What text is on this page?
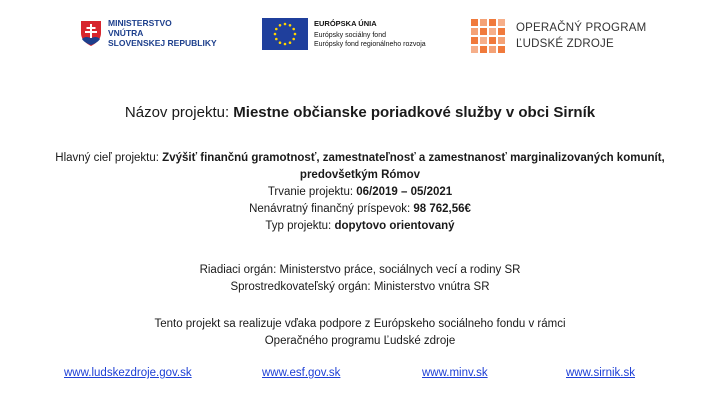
MINISTERSTVO
VNÚTRA
SLOVENSKEJ REPUBLIKY
EURÓPSKA ÚNIA
Európsky sociálny fond
Európsky fond regionálneho rozvoja
OPERAČNÝ PROGRAM
ĽUDSKÉ ZDROJE
Názov projektu: Miestne občianske poriadkové služby v obci Sirník
Hlavný cieľ projektu: Zvýšiť finančnú gramotnosť, zamestnateľnosť a zamestnanosť marginalizovaných komunít,
predovšetkým Rómov
Trvanie projektu: 06/2019 – 05/2021
Nenávratný finančný príspevok: 98 762,56€
Typ projektu: dopytovo orientovaný
Riadiaci orgán: Ministerstvo práce, sociálnych vecí a rodiny SR
Sprostredkovateľský orgán: Ministerstvo vnútra SR
Tento projekt sa realizuje vďaka podpore z Európskeho sociálneho fondu v rámci
Operačného programu Ľudské zdroje
www.ludskezdroje.gov.sk	www.esf.gov.sk	www.minv.sk	www.sirnik.sk
